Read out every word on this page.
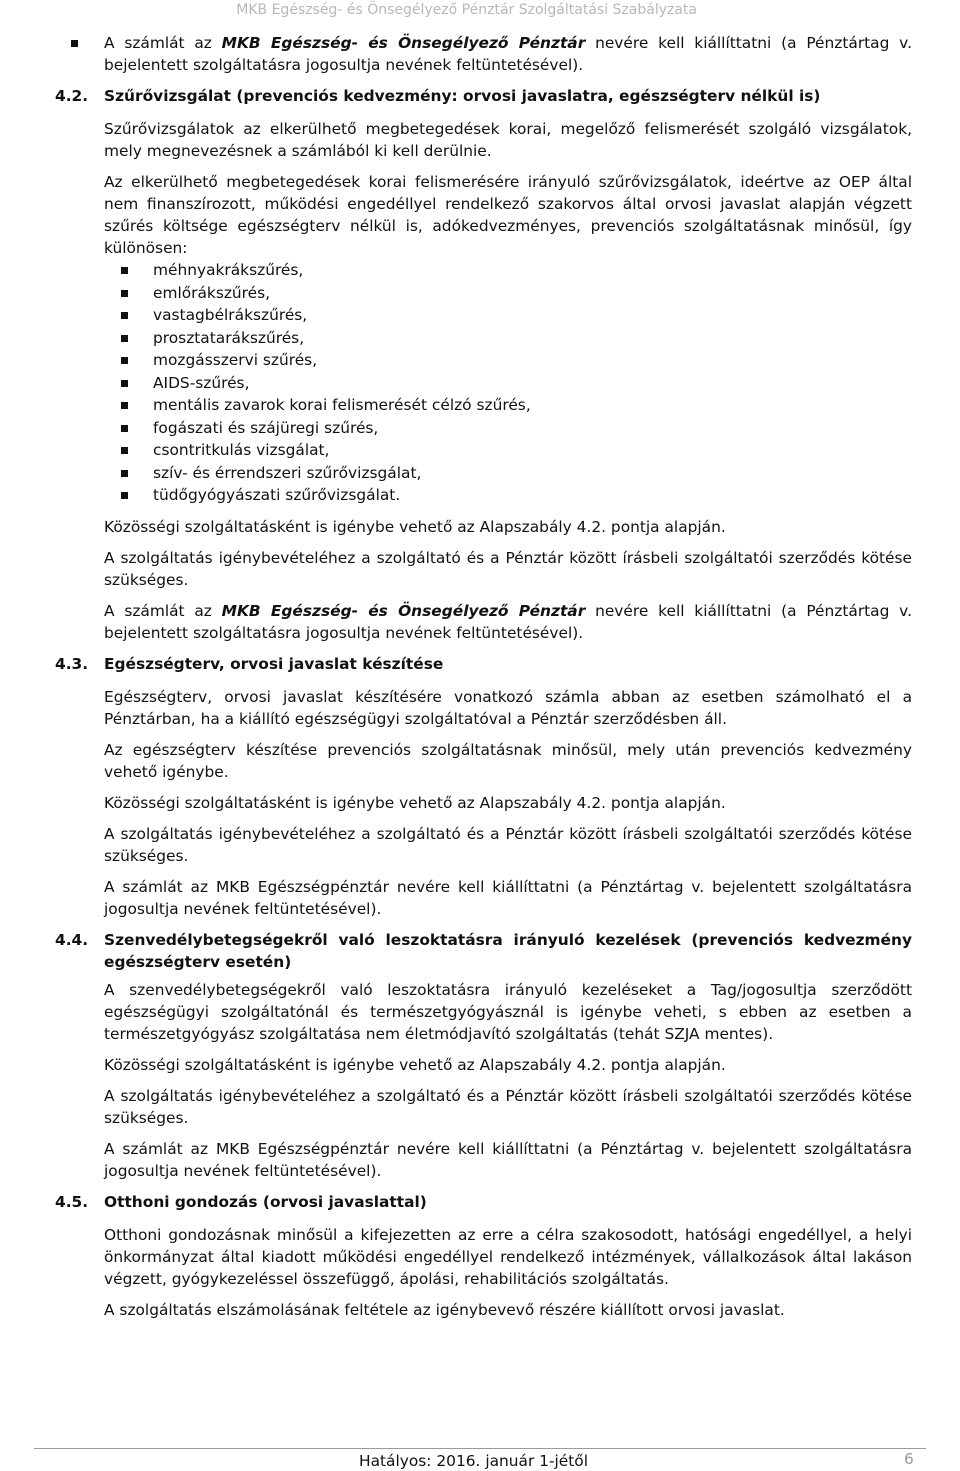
MKB Egészség- és Önsegélyező Pénztár Szolgáltatási Szabályzata
A számlát az MKB Egészség- és Önsegélyező Pénztár nevére kell kiállíttatni (a Pénztártag v. bejelentett szolgáltatásra jogosultja nevének feltüntetésével).
4.2.	Szűrővizsgálat (prevenciós kedvezmény: orvosi javaslatra, egészségterv nélkül is)

Szűrővizsgálatok az elkerülhető megbetegedések korai, megelőző felismerését szolgáló vizsgálatok, mely megnevezésnek a számlából ki kell derülnie.

Az elkerülhető megbetegedések korai felismerésére irányuló szűrővizsgálatok, ideértve az OEP által nem finanszírozott, működési engedéllyel rendelkező szakorvos által orvosi javaslat alapján végzett szűrés költsége egészségterv nélkül is, adókedvezményes, prevenciós szolgáltatásnak minősül, így különösen:

méhnyakrákszűrés,
emlőrákszűrés,
vastagbélrákszűrés,
prosztatarákszűrés,
mozgásszervi szűrés,
AIDS-szűrés,
mentális zavarok korai felismerését célzó szűrés,
fogászati és szájüregi szűrés,
csontritkulás vizsgálat,
szív- és érrendszeri szűrővizsgálat,
tüdőgyógyászati szűrővizsgálat.

Közösségi szolgáltatásként is igénybe vehető az Alapszabály 4.2. pontja alapján.

A szolgáltatás igénybevételéhez a szolgáltató és a Pénztár között írásbeli szolgáltatói szerződés kötése szükséges.

A számlát az MKB Egészség- és Önsegélyező Pénztár nevére kell kiállíttatni (a Pénztártag v. bejelentett szolgáltatásra jogosultja nevének feltüntetésével).

4.3.	Egészségterv, orvosi javaslat készítése

Egészségterv, orvosi javaslat készítésére vonatkozó számla abban az esetben számolható el a Pénztárban, ha a kiállító egészségügyi szolgáltatóval a Pénztár szerződésben áll.

Az egészségterv készítése prevenciós szolgáltatásnak minősül, mely után prevenciós kedvezmény vehető igénybe.

Közösségi szolgáltatásként is igénybe vehető az Alapszabály 4.2. pontja alapján.

A szolgáltatás igénybevételéhez a szolgáltató és a Pénztár között írásbeli szolgáltatói szerződés kötése szükséges.

A számlát az MKB Egészségpénztár nevére kell kiállíttatni (a Pénztártag v. bejelentett szolgáltatásra jogosultja nevének feltüntetésével).

4.4.	Szenvedélybetegségekről való leszoktatásra irányuló kezelések (prevenciós kedvezmény egészségterv esetén)

A szenvedélybetegségekről való leszoktatásra irányuló kezeléseket a Tag/jogosultja szerződött egészségügyi szolgáltatónál és természetgyógyásznál is igénybe veheti, s ebben az esetben a természetgyógyász szolgáltatása nem életmódjavító szolgáltatás (tehát SZJA mentes).

Közösségi szolgáltatásként is igénybe vehető az Alapszabály 4.2. pontja alapján.

A szolgáltatás igénybevételéhez a szolgáltató és a Pénztár között írásbeli szolgáltatói szerződés kötése szükséges.

A számlát az MKB Egészségpénztár nevére kell kiállíttatni (a Pénztártag v. bejelentett szolgáltatásra jogosultja nevének feltüntetésével).

4.5.	Otthoni gondozás (orvosi javaslattal)

Otthoni gondozásnak minősül a kifejezetten az erre a célra szakosodott, hatósági engedéllyel, a helyi önkormányzat által kiadott működési engedéllyel rendelkező intézmények, vállalkozások által lakáson végzett, gyógykezeléssel összefüggő, ápolási, rehabilitációs szolgáltatás.

A szolgáltatás elszámolásának feltétele az igénybevevő részére kiállított orvosi javaslat.

Hatályos: 2016. január 1-jétől	6
